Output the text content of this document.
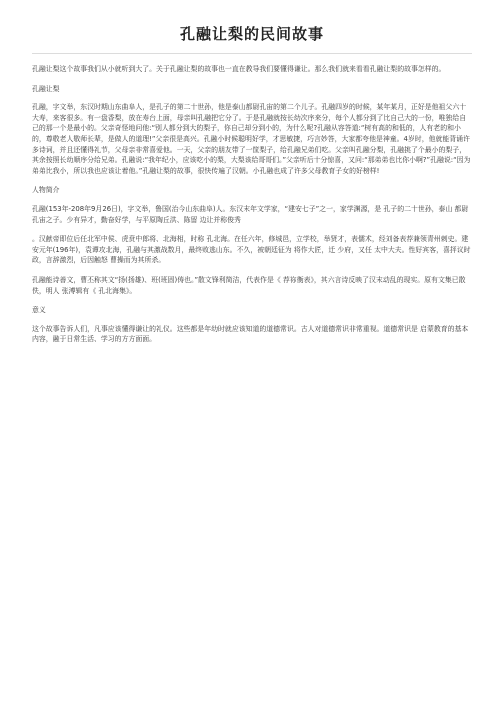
孔融让梨的民间故事

孔融让梨这个故事我们从小就听到大了。关于孔融让梨的故事也一直在教导我们要懂得谦让。那么我们就来看看孔融让梨的故事怎样的。

孔融让梨

孔融，字文举，东汉时期山东曲阜人，是孔子的第二十世孙，他是泰山都尉孔宙的第二个儿子。孔融四岁的时候，某年某月，正好是他祖父六十大寿，来客很多。有一盘香梨，放在寿台上面，母亲叫孔融把它分了。于是孔融就按长幼次序来分，每个人都分到了比自己大的一份，唯独给自己的那一个是最小的。父亲奇怪地问他:“别人都分到大的梨子，你自己却分到小的，为什么呢?孔融从容答道:“树有高的和低的，人有老的和小的，尊敬老人敬师长辈，是做人的道理!”父亲很是高兴。孔融小时候聪明好学，才思敏捷，巧言妙答，大家都夸他是神童。4岁时，他就能背诵许多诗词，并且还懂得礼节，父母亲非常喜爱他。一天，父亲的朋友带了一筐梨子，给孔融兄弟们吃。父亲叫孔融分梨，孔融挑了个最小的梨子，其余按照长幼顺序分给兄弟。孔融说:“我年纪小，应该吃小的梨，大梨该给哥哥们。”父亲听后十分惊喜，又问:“那弟弟也比你小啊?”孔融说:“因为弟弟比我小，所以我也应该让着他。”孔融让梨的故事，很快传遍了汉朝。小孔融也成了许多父母教育子女的好榜样!

人物简介

孔融(153年-208年9月26日)，字文举，鲁国(治今山东曲阜)人。东汉末年文学家，“建安七子”之一，家学渊源，是 孔子的二十世孙，泰山 都尉 孔宙之子。少有异才，勤奋好学，与平原陶丘洪、陈留 边让并称俊秀

。汉献帝即位后任北军中侯、虎贲中郎将、北海相，时称 孔北海。在任六年，修城邑，立学校，举贤才，表儒术，经刘备表荐兼领青州刺史。建安元年(196年)，袁谭攻北海，孔融与其激战数月，最终败逃山东。不久，被朝廷征为 将作大匠，迁 少府，又任 太中大夫。性好宾客，喜抨议时政，言辞激烈，后因触怒 曹操而为其所杀。

孔融能诗善文，曹丕称其文“扬(扬雄)、班(班固)俦也。”散文锋利简洁，代表作是《 荐祢衡表》，其六言诗反映了汉末动乱的现实。原有文集已散佚，明人 张溥辑有《 孔北海集》。

意义

这个故事告诉人们，凡事应该懂得谦让的礼仪。这些都是年幼时就应该知道的道德常识。古人对道德常识非常重视。道德常识是 启蒙教育的基本内容，融于日常生活、学习的方方面面。
